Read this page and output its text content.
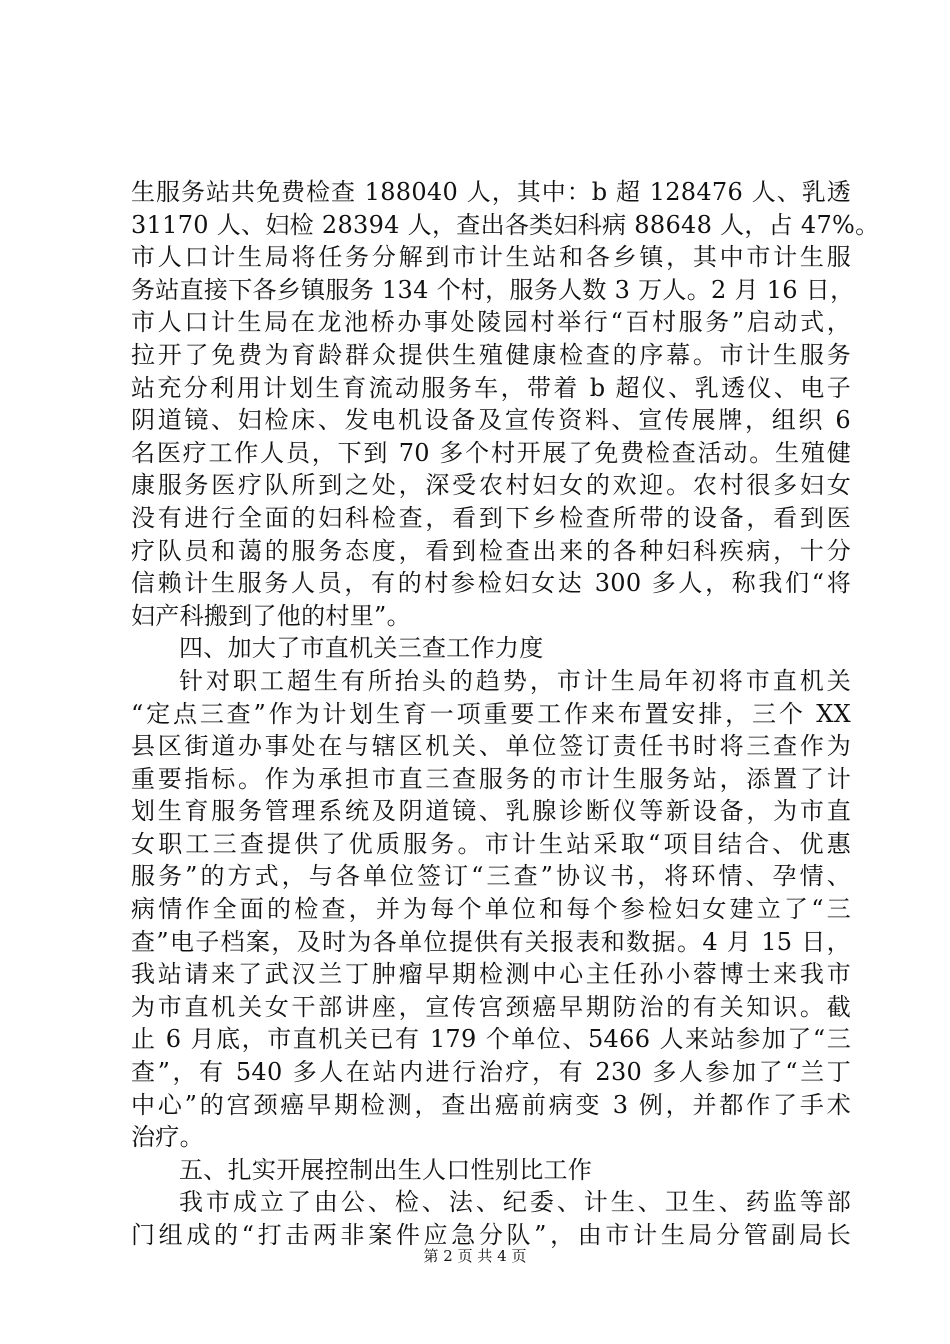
生服务站共免费检查 188040 人，其中：b 超 128476 人、乳透
31170 人、妇检 28394 人，查出各类妇科病 88648 人，占 47%。
市人口计生局将任务分解到市计生站和各乡镇，其中市计生服
务站直接下各乡镇服务 134 个村，服务人数 3 万人。2 月 16 日，
市人口计生局在龙池桥办事处陵园村举行“百村服务”启动式，
拉开了免费为育龄群众提供生殖健康检查的序幕。市计生服务
站充分利用计划生育流动服务车，带着 b 超仪、乳透仪、电子
阴道镜、妇检床、发电机设备及宣传资料、宣传展牌，组织 6
名医疗工作人员，下到 70 多个村开展了免费检查活动。生殖健
康服务医疗队所到之处，深受农村妇女的欢迎。农村很多妇女
没有进行全面的妇科检查，看到下乡检查所带的设备，看到医
疗队员和蔼的服务态度，看到检查出来的各种妇科疾病，十分
信赖计生服务人员，有的村参检妇女达 300 多人，称我们“将
妇产科搬到了他的村里”。
四、加大了市直机关三查工作力度
针对职工超生有所抬头的趋势，市计生局年初将市直机关
“定点三查”作为计划生育一项重要工作来布置安排，三个 XX
县区街道办事处在与辖区机关、单位签订责任书时将三查作为
重要指标。作为承担市直三查服务的市计生服务站，添置了计
划生育服务管理系统及阴道镜、乳腺诊断仪等新设备，为市直
女职工三查提供了优质服务。市计生站采取“项目结合、优惠
服务”的方式，与各单位签订“三查”协议书，将环情、孕情、
病情作全面的检查，并为每个单位和每个参检妇女建立了“三
查”电子档案，及时为各单位提供有关报表和数据。4 月 15 日，
我站请来了武汉兰丁肿瘤早期检测中心主任孙小蓉博士来我市
为市直机关女干部讲座，宣传宫颈癌早期防治的有关知识。截
止 6 月底，市直机关已有 179 个单位、5466 人来站参加了“三
查”，有 540 多人在站内进行治疗，有 230 多人参加了“兰丁
中心”的宫颈癌早期检测，查出癌前病变 3 例，并都作了手术
治疗。
五、扎实开展控制出生人口性别比工作
我市成立了由公、检、法、纪委、计生、卫生、药监等部
门组成的“打击两非案件应急分队”，由市计生局分管副局长
第 2 页 共 4 页
